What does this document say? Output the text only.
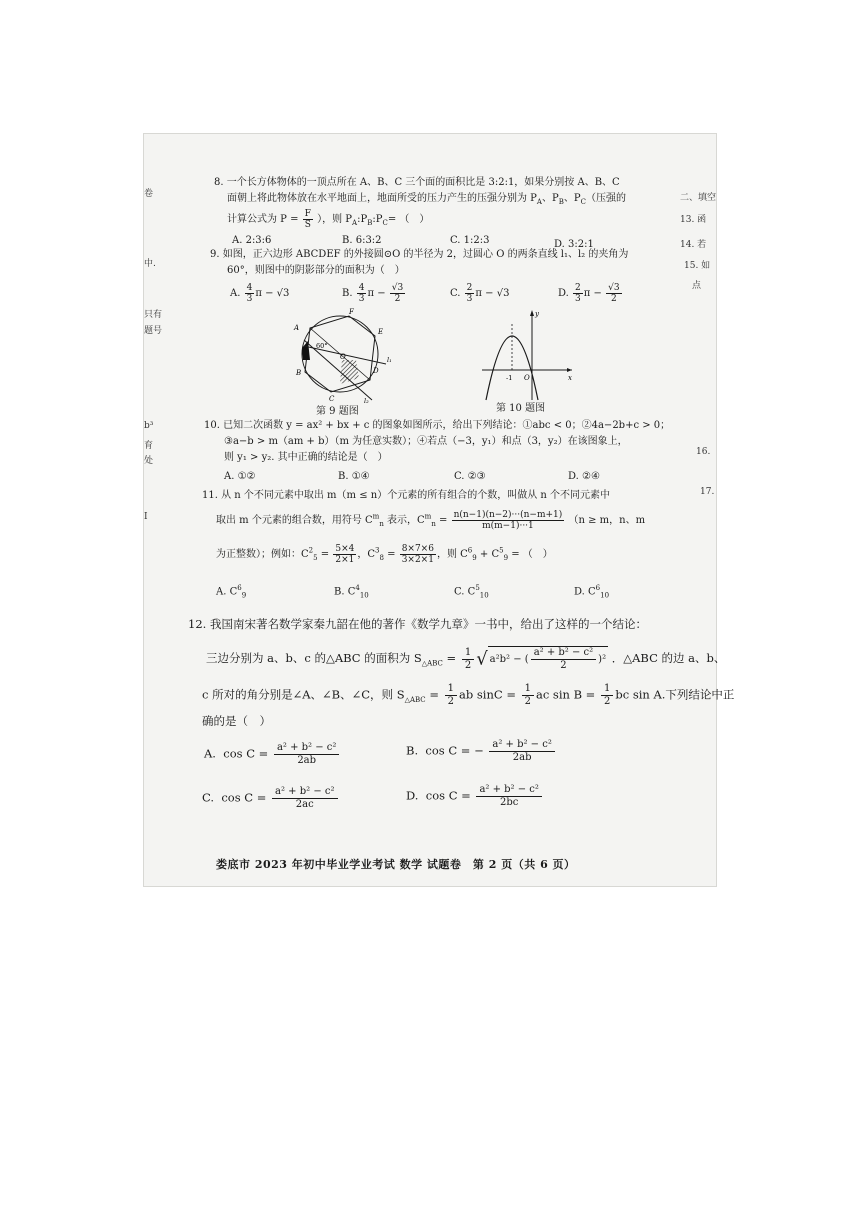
二、填空
13. 函
14. 若
15. 如
点
16.
17.
卷
中.
只有
题号
b³
育
处
I
8. 一个长方体物体的一顶点所在 A、B、C 三个面的面积比是 3:2:1，如果分别按 A、B、C
面朝上将此物体放在水平地面上，地面所受的压力产生的压强分别为 $P_A$、$P_B$、$P_C$（压强的
计算公式为 $P = \frac{F}{S}$ ），则 $P_A:P_B:P_C=$ （　）
A. 2:3:6	B. 6:3:2	C. 1:2:3	D. 3:2:1
9. 如图，正六边形 ABCDEF 的外接圆⊙O 的半径为 2，过圆心 O 的两条直线 l₁、l₂ 的夹角为
60°，则图中的阴影部分的面积为（　）
A. $\frac{4}{3}$ π − √3	B. $\frac{4}{3}$ $\pi - \frac{√3}{2}$	C. $\frac{2}{3}$ π − √3	D. $\frac{2}{3}$ $\pi - \frac{√3}{2}$
O
A
B
C
D
E
F
60°
l₁
l₂
第 9 题图
y
x
-1 O
第 10 题图
10. 已知二次函数 y = ax² + bx + c 的图象如图所示，给出下列结论：①abc < 0；②4a−2b+c > 0；
③a−b > m（am + b）（m 为任意实数）；④若点（−3，y₁）和点（3，y₂）在该图象上，
则 y₁ > y₂. 其中正确的结论是（　）
A. ①②	B. ①④	C. ②③	D. ②④
11. 从 n 个不同元素中取出 m（m ≤ n）个元素的所有组合的个数，叫做从 n 个不同元素中
取出 m 个元素的组合数，用符号 $C^m_n$ 表示，$C^m_n = \frac{n(n-1)(n-2)\cdot\cdot\cdot(n-m+1)}{m(m-1)\cdot\cdot\cdot 1} (n \ge m$，n、m
为正整数）；例如：$C^2_5 = \frac{5\times 4}{2\times 1}$ ，$C^3_8 = \frac{8\times 7\times 6}{3\times 2\times 1}$ ，则 $C^6_9 + C^5_9$ = （　）
A. $C^6_9$	B. $C^4_{10}$	C. $C^5_{10}$	D. $C^6_{10}$
12. 我国南宋著名数学家秦九韶在他的著作《数学九章》一书中，给出了这样的一个结论：
三边分别为 a、b、c 的△ABC 的面积为 $S_{\triangle ABC} = \frac{1}{2}$ √ a²b² − ( $\frac{\text{a² + b² − c²}}{2} )^2$ ．△ABC 的边 a、b、
c 所对的角分别是∠A、∠B、∠C，则 $S_{\triangle ABC} = \frac{1}{2}$ ab $\sin C = \frac{1}{2}$ ac $\sin B = \frac{1}{2}$ bc sin A.下列结论中正
确的是（　）
A. $\cos C = \frac{\text{a² + b² − c²}}{2ab}$	B. cos C = − $\frac{\text{a² + b² − c²}}{2ab}$
C. $\cos C = \frac{\text{a² + b² − c²}}{2ac}$	D. $\cos C = \frac{\text{a² + b² − c²}}{2bc}$
娄底市 2023 年初中毕业学业考试 数学 试题卷　第 2 页（共 6 页）
